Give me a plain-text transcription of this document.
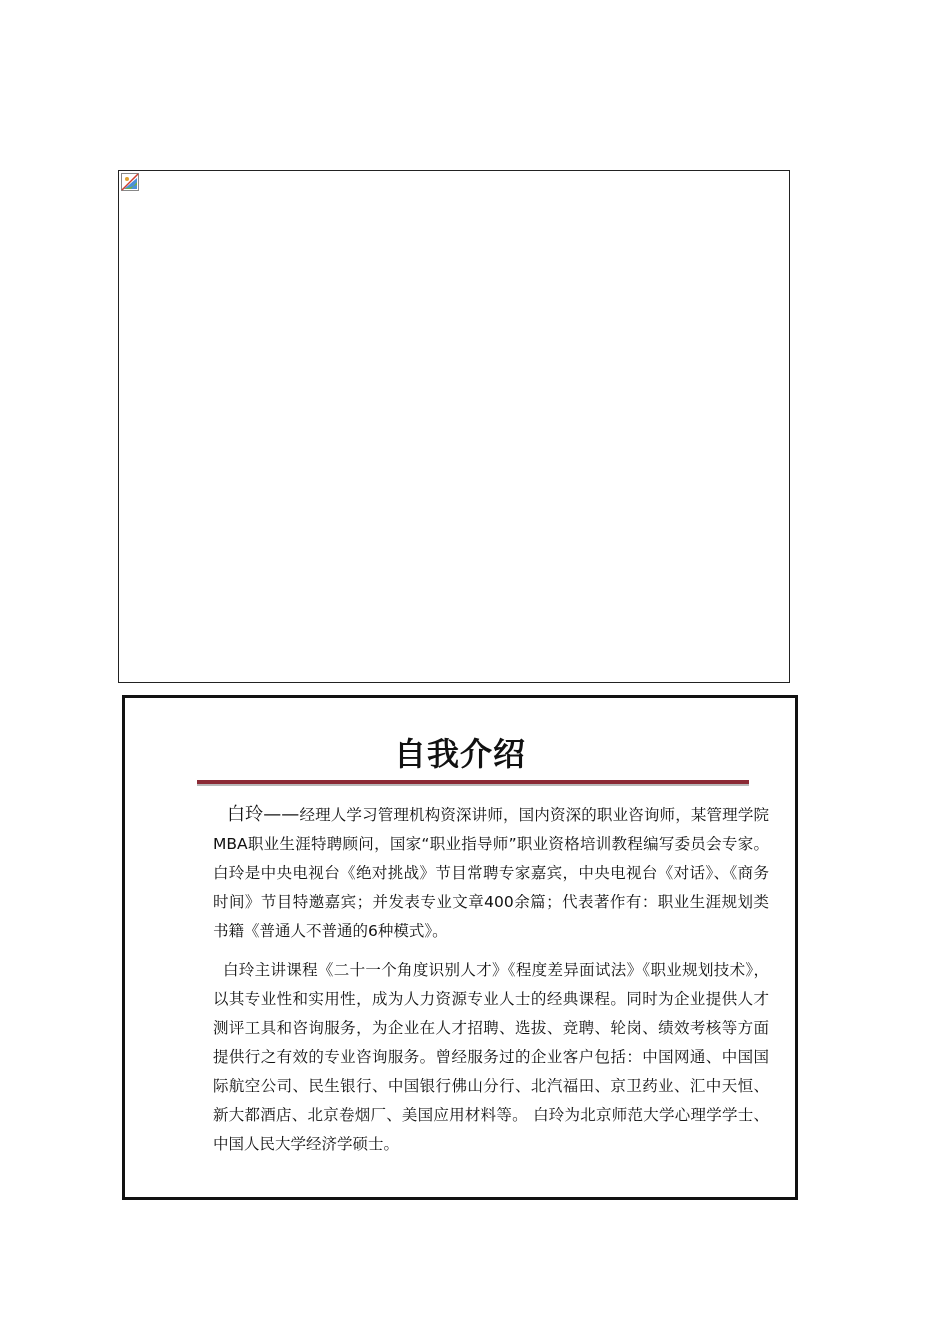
自我介绍

白玲——经理人学习管理机构资深讲师，国内资深的职业咨询师，某管理学院MBA职业生涯特聘顾问，国家“职业指导师”职业资格培训教程编写委员会专家。白玲是中央电视台《绝对挑战》节目常聘专家嘉宾，中央电视台《对话》、《商务时间》节目特邀嘉宾；并发表专业文章400余篇；代表著作有：职业生涯规划类书籍《普通人不普通的6种模式》。

白玲主讲课程《二十一个角度识别人才》《程度差异面试法》《职业规划技术》，以其专业性和实用性，成为人力资源专业人士的经典课程。同时为企业提供人才测评工具和咨询服务，为企业在人才招聘、选拔、竞聘、轮岗、绩效考核等方面提供行之有效的专业咨询服务。曾经服务过的企业客户包括：中国网通、中国国际航空公司、民生银行、中国银行佛山分行、北汽福田、京卫药业、汇中天恒、新大都酒店、北京卷烟厂、美国应用材料等。 白玲为北京师范大学心理学学士、中国人民大学经济学硕士。
